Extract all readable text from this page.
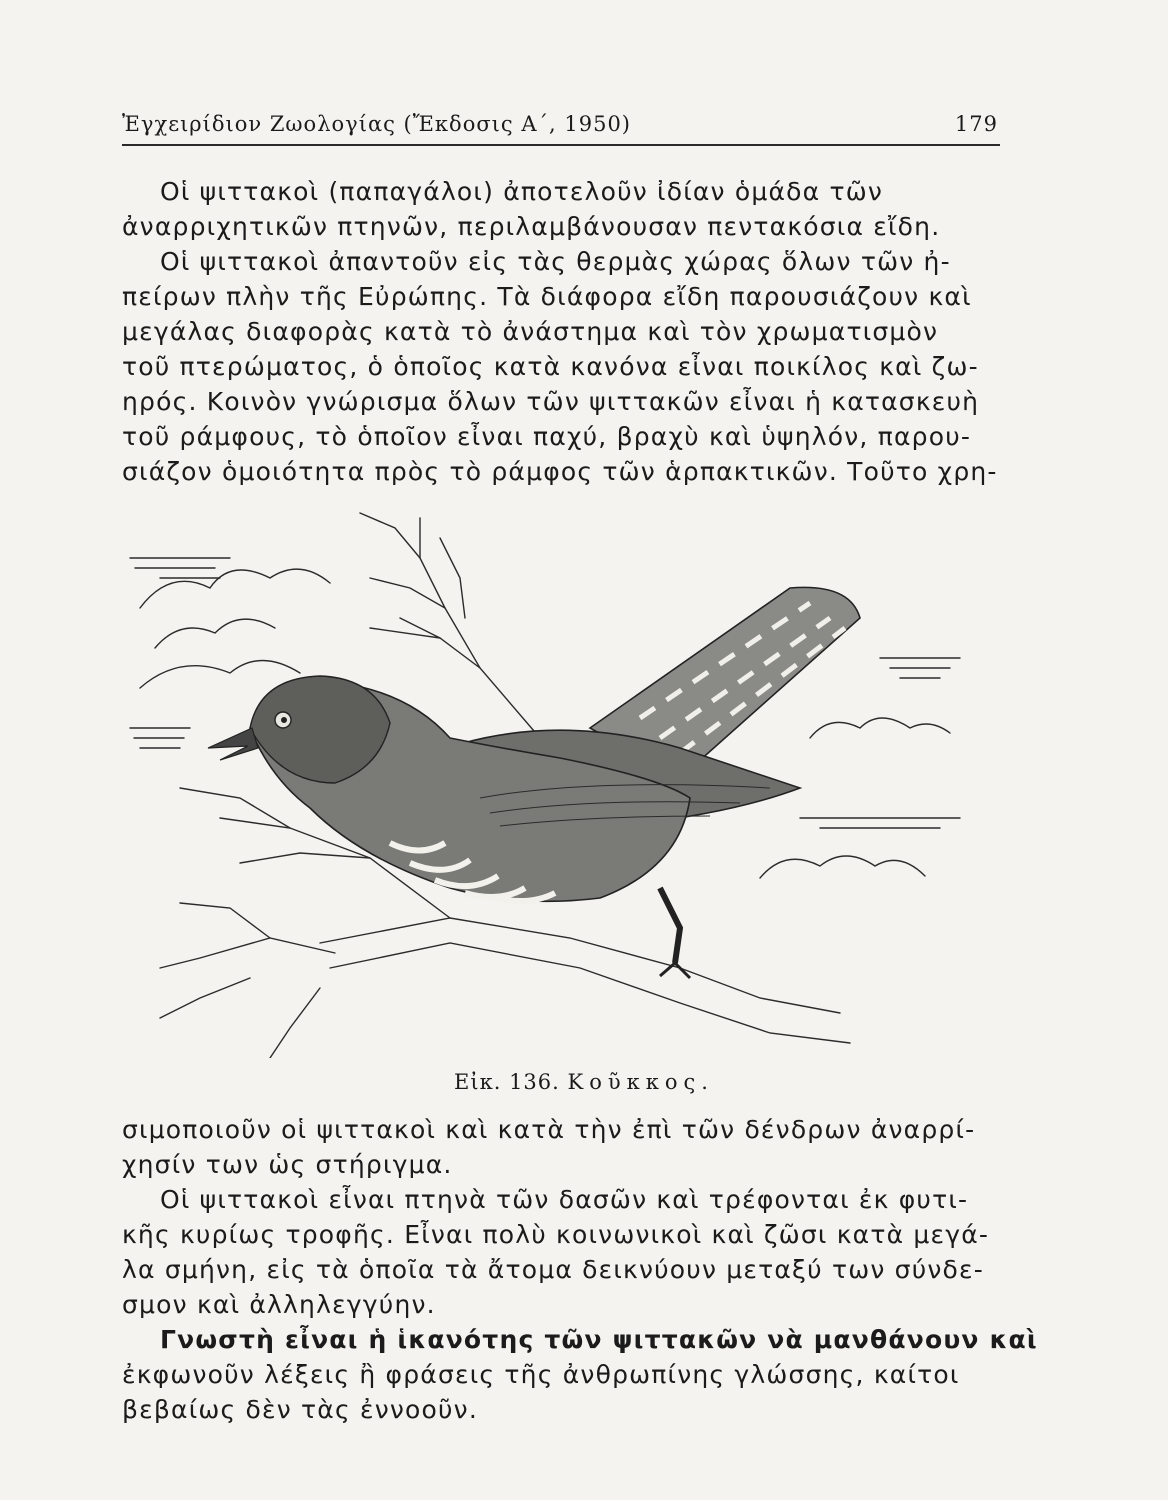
Ἐγχειρίδιον Ζωολογίας (Ἔκδοσις Α΄, 1950)	179

Οἱ ψιττακοὶ (παπαγάλοι) ἀποτελοῦν ἰδίαν ὁμάδα τῶν
ἀναρριχητικῶν πτηνῶν, περιλαμβάνουσαν πεντακόσια εἴδη.

Οἱ ψιττακοὶ ἀπαντοῦν εἰς τὰς θερμὰς χώρας ὅλων τῶν ἠ-
πείρων πλὴν τῆς Εὐρώπης. Τὰ διάφορα εἴδη παρουσιάζουν καὶ
μεγάλας διαφορὰς κατὰ τὸ ἀνάστημα καὶ τὸν χρωματισμὸν
τοῦ πτερώματος, ὁ ὁποῖος κατὰ κανόνα εἶναι ποικίλος καὶ ζω-
ηρός. Κοινὸν γνώρισμα ὅλων τῶν ψιττακῶν εἶναι ἡ κατασκευὴ
τοῦ ράμφους, τὸ ὁποῖον εἶναι παχύ, βραχὺ καὶ ὑψηλόν, παρου-
σιάζον ὁμοιότητα πρὸς τὸ ράμφος τῶν ἁρπακτικῶν. Τοῦτο χρη-

Εἰκ. 136. Κοῦκκος.

σιμοποιοῦν οἱ ψιττακοὶ καὶ κατὰ τὴν ἐπὶ τῶν δένδρων ἀναρρί-
χησίν των ὡς στήριγμα.

Οἱ ψιττακοὶ εἶναι πτηνὰ τῶν δασῶν καὶ τρέφονται ἐκ φυτι-
κῆς κυρίως τροφῆς. Εἶναι πολὺ κοινωνικοὶ καὶ ζῶσι κατὰ μεγά-
λα σμήνη, εἰς τὰ ὁποῖα τὰ ἄτομα δεικνύουν μεταξύ των σύνδε-
σμον καὶ ἀλληλεγγύην.

Γνωστὴ εἶναι ἡ ἱκανότης τῶν ψιττακῶν νὰ μανθάνουν καὶ
ἐκφωνοῦν λέξεις ἢ φράσεις τῆς ἀνθρωπίνης γλώσσης, καίτοι
βεβαίως δὲν τὰς ἐννοοῦν.
